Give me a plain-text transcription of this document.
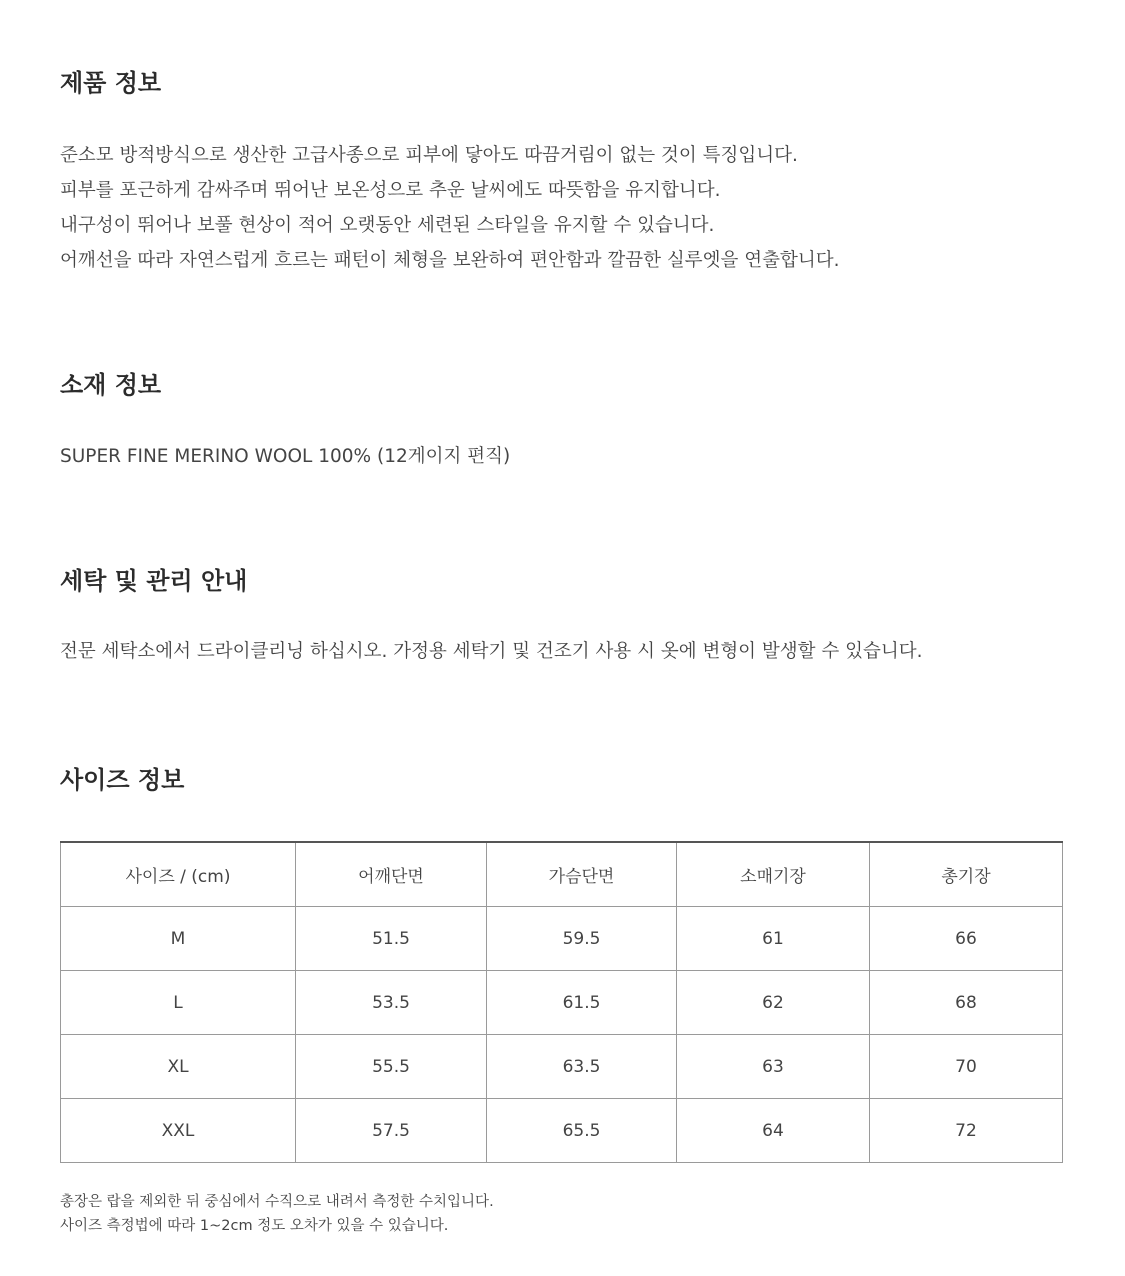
제품 정보
준소모 방적방식으로 생산한 고급사종으로 피부에 닿아도 따끔거림이 없는 것이 특징입니다.
피부를 포근하게 감싸주며 뛰어난 보온성으로 추운 날씨에도 따뜻함을 유지합니다.
내구성이 뛰어나 보풀 현상이 적어 오랫동안 세련된 스타일을 유지할 수 있습니다.
어깨선을 따라 자연스럽게 흐르는 패턴이 체형을 보완하여 편안함과 깔끔한 실루엣을 연출합니다.
소재 정보

SUPER FINE MERINO WOOL 100% (12게이지 편직)

세탁 및 관리 안내

전문 세탁소에서 드라이클리닝 하십시오. 가정용 세탁기 및 건조기 사용 시 옷에 변형이 발생할 수 있습니다.

사이즈 정보
사이즈 / (cm)	어깨단면	가슴단면	소매기장	총기장
M	51.5	59.5	61	66
L	53.5	61.5	62	68
XL	55.5	63.5	63	70
XXL	57.5	65.5	64	72
총장은 랍을 제외한 뒤 중심에서 수직으로 내려서 측정한 수치입니다.
사이즈 측정법에 따라 1~2cm 정도 오차가 있을 수 있습니다.
